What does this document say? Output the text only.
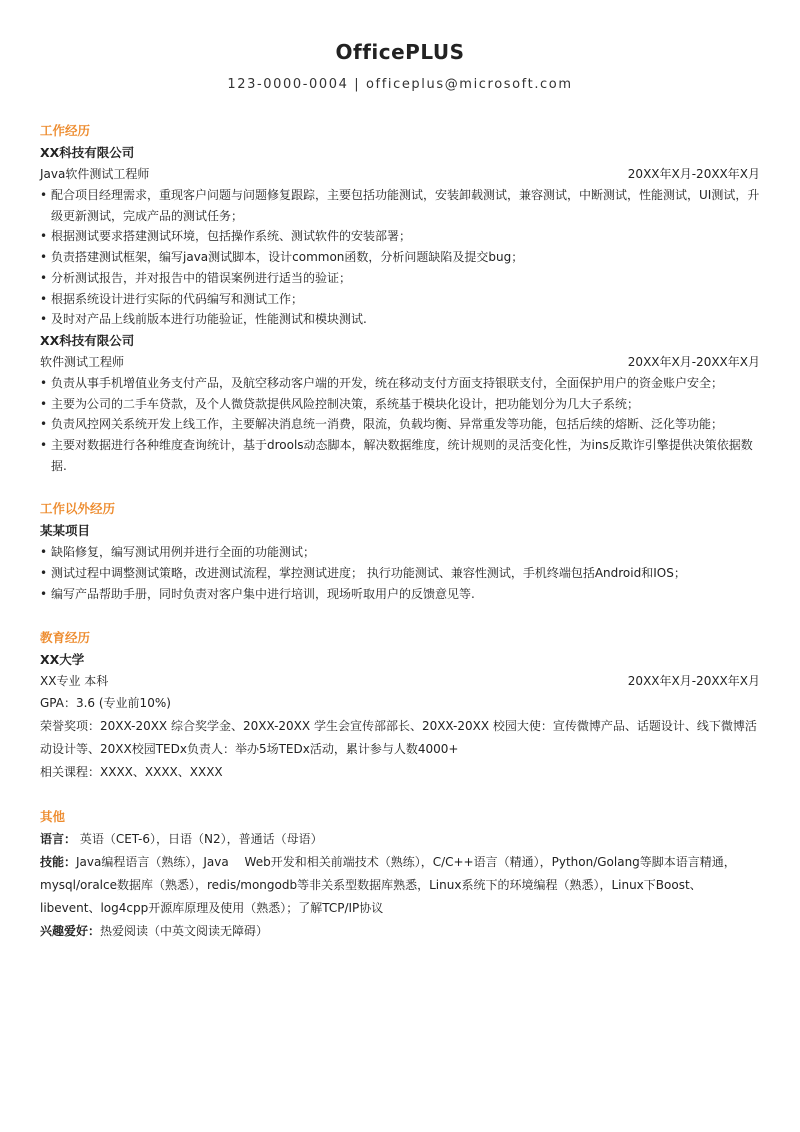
OfficePLUS
123-0000-0004 | officeplus@microsoft.com
工作经历
XX科技有限公司
Java软件测试工程师	20XX年X月-20XX年X月
• 配合项目经理需求，重现客户问题与问题修复跟踪，主要包括功能测试，安装卸载测试，兼容测试，中断测试，性能测试，UI测试，升级更新测试，完成产品的测试任务；
• 根据测试要求搭建测试环境，包括操作系统、测试软件的安装部署；
• 负责搭建测试框架，编写java测试脚本，设计common函数，分析问题缺陷及提交bug；
• 分析测试报告，并对报告中的错误案例进行适当的验证；
• 根据系统设计进行实际的代码编写和测试工作；
• 及时对产品上线前版本进行功能验证，性能测试和模块测试.
XX科技有限公司
软件测试工程师	20XX年X月-20XX年X月
• 负责从事手机增值业务支付产品，及航空移动客户端的开发，统在移动支付方面支持银联支付，全面保护用户的资金账户安全；
• 主要为公司的二手车贷款，及个人微贷款提供风险控制决策，系统基于模块化设计，把功能划分为几大子系统；
• 负责风控网关系统开发上线工作，主要解决消息统一消费，限流，负载均衡、异常重发等功能，包括后续的熔断、泛化等功能；
• 主要对数据进行各种维度查询统计，基于drools动态脚本，解决数据维度，统计规则的灵活变化性，为ins反欺诈引擎提供决策依据数据.
工作以外经历
某某项目
• 缺陷修复，编写测试用例并进行全面的功能测试；
• 测试过程中调整测试策略，改进测试流程，掌控测试进度； 执行功能测试、兼容性测试，手机终端包括Android和IOS；
• 编写产品帮助手册，同时负责对客户集中进行培训，现场听取用户的反馈意见等.
教育经历
XX大学
XX专业 本科	20XX年X月-20XX年X月
GPA：3.6 (专业前10%)
荣誉奖项：20XX-20XX 综合奖学金、20XX-20XX 学生会宣传部部长、20XX-20XX 校园大使：宣传微博产品、话题设计、线下微博活动设计等、20XX校园TEDx负责人：举办5场TEDx活动，累计参与人数4000+
相关课程：XXXX、XXXX、XXXX
其他
语言： 英语（CET-6），日语（N2），普通话（母语）
技能：Java编程语言（熟练），Java　 Web开发和相关前端技术（熟练），C/C++语言（精通），Python/Golang等脚本语言精通，mysql/oralce数据库（熟悉），redis/mongodb等非关系型数据库熟悉，Linux系统下的环境编程（熟悉），Linux下Boost、libevent、log4cpp开源库原理及使用（熟悉）；了解TCP/IP协议
兴趣爱好：热爱阅读（中英文阅读无障碍）
